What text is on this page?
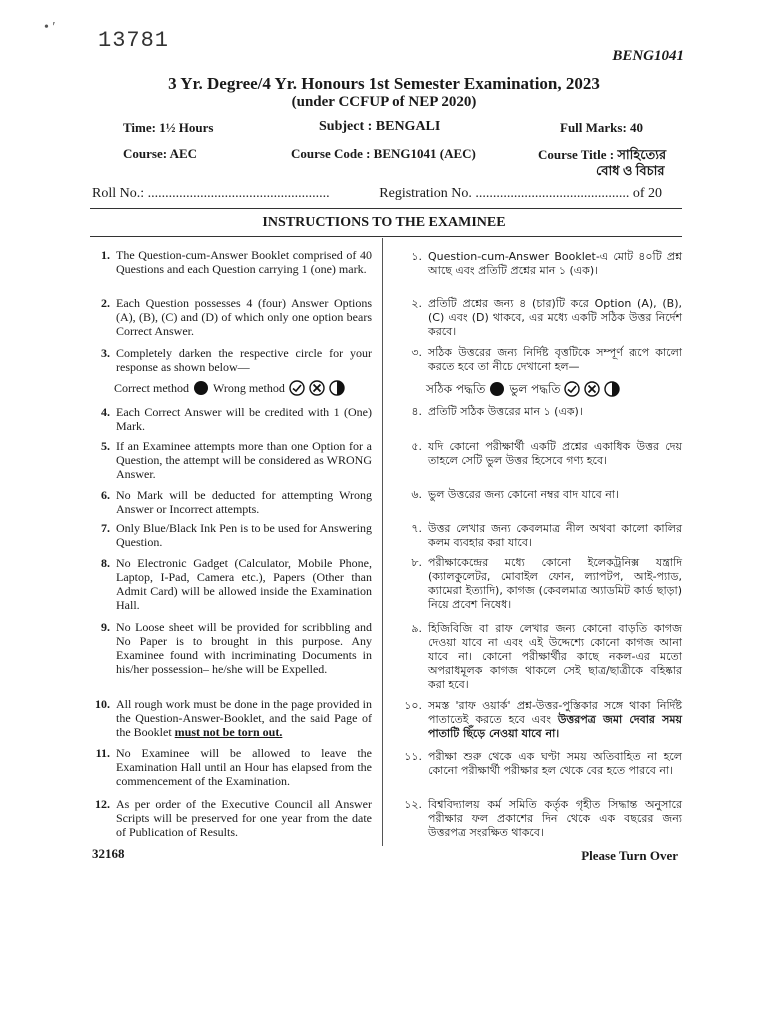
• ′
13781
BENG1041
3 Yr. Degree/4 Yr. Honours 1st Semester Examination, 2023
(under CCFUP of NEP 2020)
Time: 1½ Hours	Subject : BENGALI	Full Marks: 40
Course: AEC	Course Code : BENG1041 (AEC)	Course Title : সাহিত্যের
বোধ ও বিচার
Roll No.: ....................................................	Registration No. ............................................ of 20
INSTRUCTIONS TO THE EXAMINEE
1. The Question-cum-Answer Booklet comprised of 40 Questions and each Question carrying 1 (one) mark.
2. Each Question possesses 4 (four) Answer Options (A), (B), (C) and (D) of which only one option bears Correct Answer.
3. Completely darken the respective circle for your response as shown below—
Correct method Wrong method
4. Each Correct Answer will be credited with 1 (One) Mark.
5. If an Examinee attempts more than one Option for a Question, the attempt will be considered as WRONG Answer.
6. No Mark will be deducted for attempting Wrong Answer or Incorrect attempts.
7. Only Blue/Black Ink Pen is to be used for Answering Question.
8. No Electronic Gadget (Calculator, Mobile Phone, Laptop, I-Pad, Camera etc.), Papers (Other than Admit Card) will be allowed inside the Examination Hall.
9. No Loose sheet will be provided for scribbling and No Paper is to brought in this purpose. Any Examinee found with incriminating Documents in his/her possession– he/she will be Expelled.
10. All rough work must be done in the page provided in the Question-Answer-Booklet, and the said Page of the Booklet must not be torn out.
11. No Examinee will be allowed to leave the Examination Hall until an Hour has elapsed from the commencement of the Examination.
12. As per order of the Executive Council all Answer Scripts will be preserved for one year from the date of Publication of Results.
১. Question-cum-Answer Booklet-এ মোট ৪০টি প্রশ্ন আছে এবং প্রতিটি প্রশ্নের মান ১ (এক)।
২. প্রতিটি প্রশ্নের জন্য ৪ (চার)টি করে Option (A), (B), (C) এবং (D) থাকবে, এর মধ্যে একটি সঠিক উত্তর নির্দেশ করবে।
৩. সঠিক উত্তরের জন্য নির্দিষ্ট বৃত্তটিকে সম্পূর্ণ রূপে কালো করতে হবে তা নীচে দেখানো হল—
সঠিক পদ্ধতি ভুল পদ্ধতি
৪. প্রতিটি সঠিক উত্তরের মান ১ (এক)।
৫. যদি কোনো পরীক্ষার্থী একটি প্রশ্নের একাধিক উত্তর দেয় তাহলে সেটি ভুল উত্তর হিসেবে গণ্য হবে।
৬. ভুল উত্তরের জন্য কোনো নম্বর বাদ যাবে না।
৭. উত্তর লেখার জন্য কেবলমাত্র নীল অথবা কালো কালির কলম ব্যবহার করা যাবে।
৮. পরীক্ষাকেন্দ্রের মধ্যে কোনো ইলেকট্রনিক্স যন্ত্রাদি (ক্যালকুলেটর, মোবাইল ফোন, ল্যাপটপ, আই-প্যাড, ক্যামেরা ইত্যাদি), কাগজ (কেবলমাত্র অ্যাডমিট কার্ড ছাড়া) নিয়ে প্রবেশ নিষেধ।
৯. হিজিবিজি বা রাফ লেখার জন্য কোনো বাড়তি কাগজ দেওয়া যাবে না এবং এই উদ্দেশ্যে কোনো কাগজ আনা যাবে না। কোনো পরীক্ষার্থীর কাছে নকল-এর মতো অপরাধমূলক কাগজ থাকলে সেই ছাত্র/ছাত্রীকে বহিষ্কার করা হবে।
১০. সমস্ত 'রাফ ওয়ার্ক' প্রশ্ন-উত্তর-পুস্তিকার সঙ্গে থাকা নির্দিষ্ট পাতাতেই করতে হবে এবং উত্তরপত্র জমা দেবার সময় পাতাটি ছিঁড়ে নেওয়া যাবে না।
১১. পরীক্ষা শুরু থেকে এক ঘণ্টা সময় অতিবাহিত না হলে কোনো পরীক্ষার্থী পরীক্ষার হল থেকে বের হতে পারবে না।
১২. বিশ্ববিদ্যালয় কর্ম সমিতি কর্তৃক গৃহীত সিদ্ধান্ত অনুসারে পরীক্ষার ফল প্রকাশের দিন থেকে এক বছরের জন্য উত্তরপত্র সংরক্ষিত থাকবে।
32168	Please Turn Over
